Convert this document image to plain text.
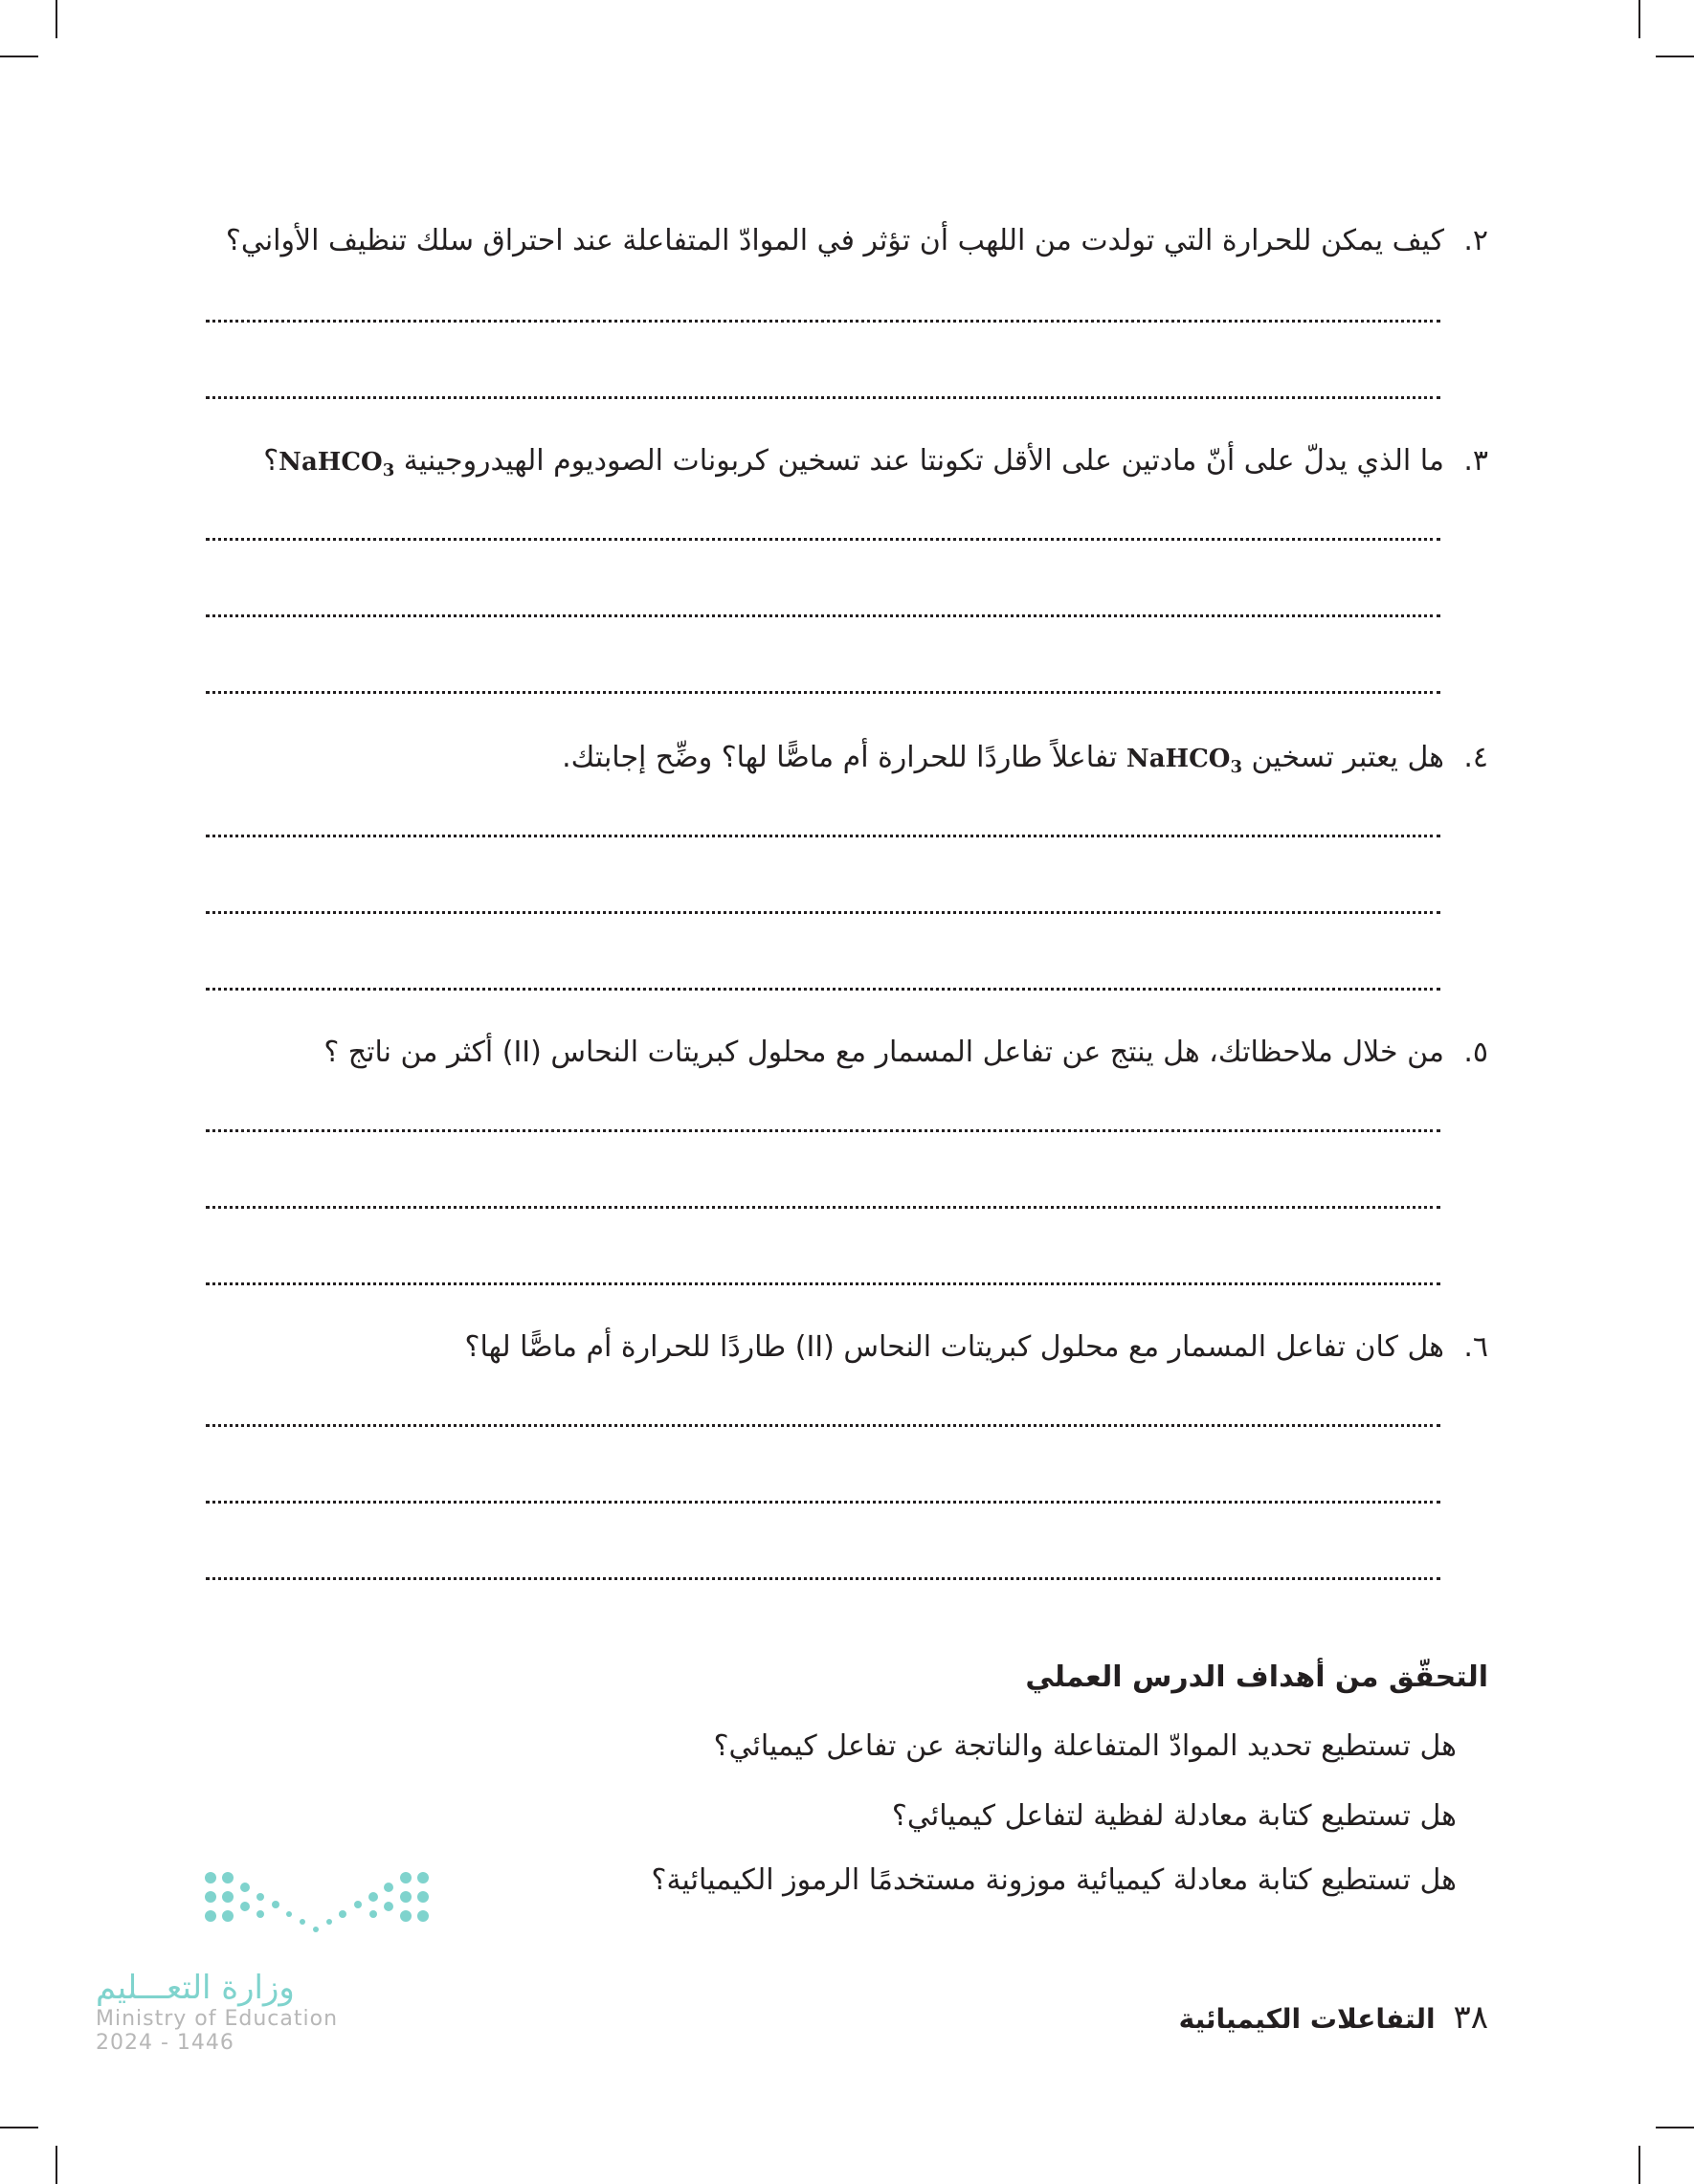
٢.كيف يمكن للحرارة التي تولدت من اللهب أن تؤثر في الموادّ المتفاعلة عند احتراق سلك تنظيف الأواني؟
٣.ما الذي يدلّ على أنّ مادتين على الأقل تكونتا عند تسخين كربونات الصوديوم الهيدروجينية NaHCO$_3$؟
٤.هل يعتبر تسخين NaHCO$_3$ تفاعلاً طاردًا للحرارة أم ماصًّا لها؟ وضِّح إجابتك.
٥.من خلال ملاحظاتك، هل ينتج عن تفاعل المسمار مع محلول كبريتات النحاس (II) أكثر من ناتج ؟
٦.هل كان تفاعل المسمار مع محلول كبريتات النحاس (II) طاردًا للحرارة أم ماصًّا لها؟
التحقّق من أهداف الدرس العملي
هل تستطيع تحديد الموادّ المتفاعلة والناتجة عن تفاعل كيميائي؟
هل تستطيع كتابة معادلة لفظية لتفاعل كيميائي؟
هل تستطيع كتابة معادلة كيميائية موزونة مستخدمًا الرموز الكيميائية؟
وزارة التعـــليم
Ministry of Education
2024 - 1446
٣٨ التفاعلات الكيميائية
